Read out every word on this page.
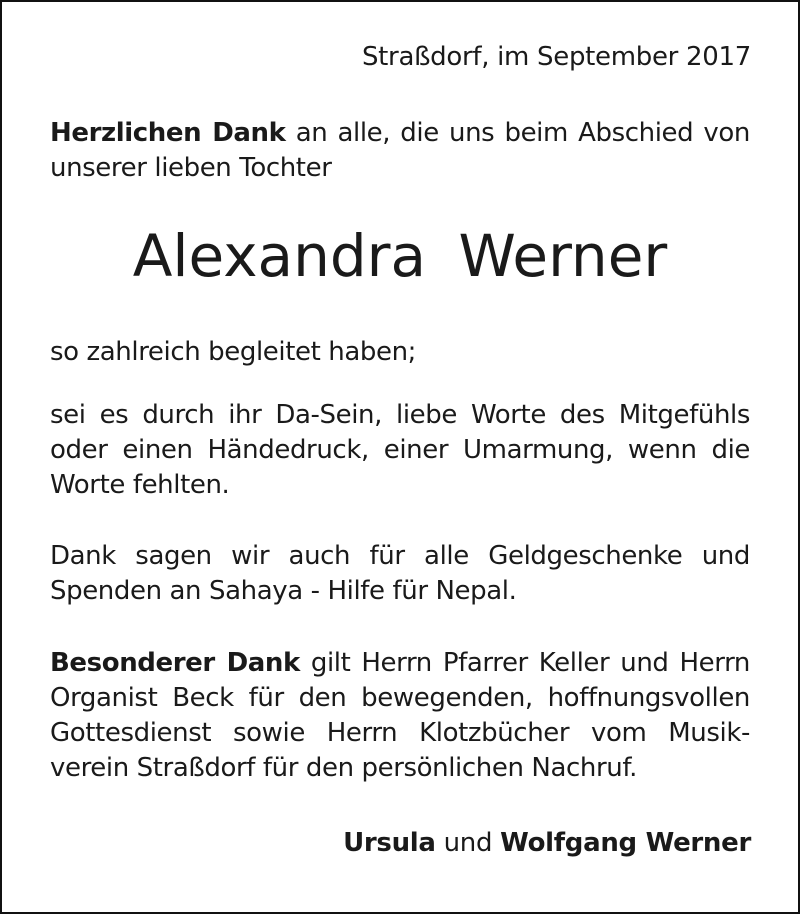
Straßdorf, im September 2017

Herzlichen Dank an alle, die uns beim Abschied von
unserer lieben Tochter

Alexandra Werner

so zahlreich begleitet haben;

sei es durch ihr Da-Sein, liebe Worte des Mitgefühls
oder einen Händedruck, einer Umarmung, wenn die
Worte fehlten.

Dank sagen wir auch für alle Geldgeschenke und
Spenden an Sahaya - Hilfe für Nepal.

Besonderer Dank gilt Herrn Pfarrer Keller und Herrn
Organist Beck für den bewegenden, hoffnungsvollen
Gottesdienst sowie Herrn Klotzbücher vom Musik-
verein Straßdorf für den persönlichen Nachruf.

Ursula und Wolfgang Werner
